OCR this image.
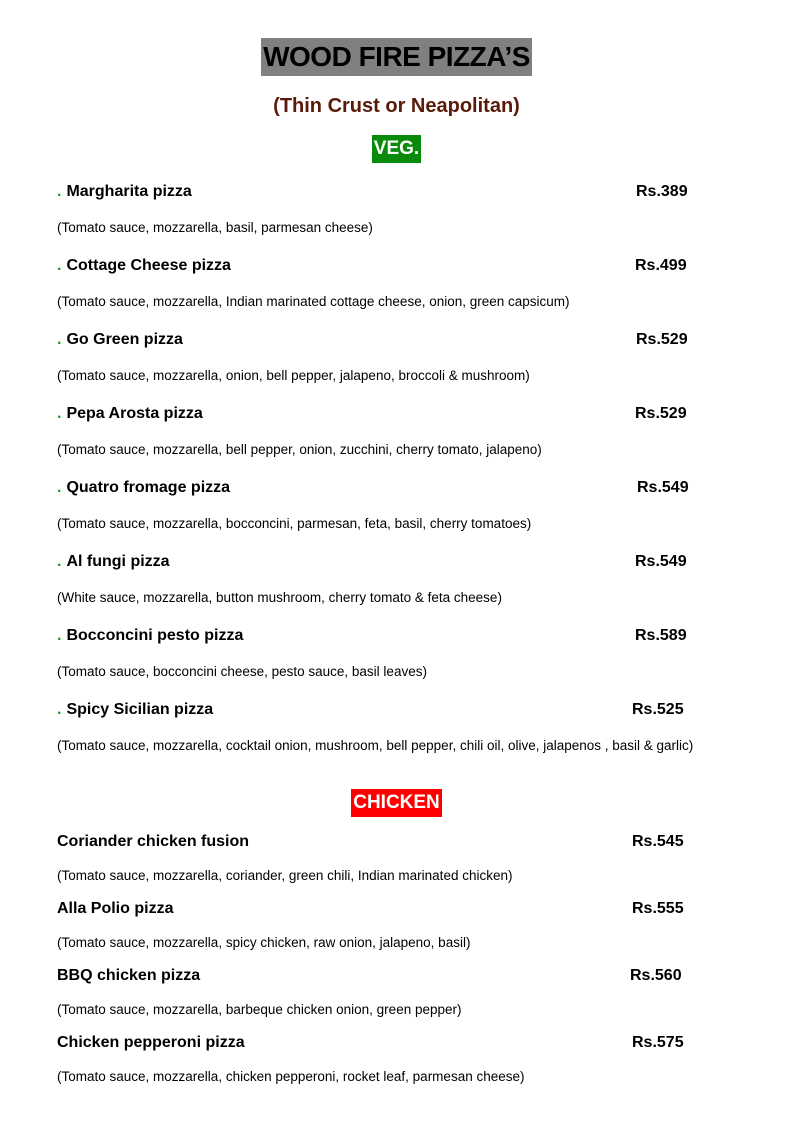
WOOD FIRE PIZZA’S
(Thin Crust or Neapolitan)
VEG.
. Margharita pizza	Rs.389
(Tomato sauce, mozzarella, basil, parmesan cheese)
. Cottage Cheese pizza	Rs.499
(Tomato sauce, mozzarella, Indian marinated cottage cheese, onion, green capsicum)
. Go Green pizza	Rs.529
(Tomato sauce, mozzarella, onion, bell pepper, jalapeno, broccoli & mushroom)
. Pepa Arosta pizza	Rs.529
(Tomato sauce, mozzarella, bell pepper, onion, zucchini, cherry tomato, jalapeno)
. Quatro fromage pizza	Rs.549
(Tomato sauce, mozzarella, bocconcini, parmesan, feta, basil, cherry tomatoes)
. Al fungi pizza	Rs.549
(White sauce, mozzarella, button mushroom, cherry tomato & feta cheese)
. Bocconcini pesto pizza	Rs.589
(Tomato sauce, bocconcini cheese, pesto sauce, basil leaves)
. Spicy Sicilian pizza	Rs.525
(Tomato sauce, mozzarella, cocktail onion, mushroom, bell pepper, chili oil, olive, jalapenos , basil & garlic)
CHICKEN
Coriander chicken fusion	Rs.545
(Tomato sauce, mozzarella, coriander, green chili, Indian marinated chicken)
Alla Polio pizza	Rs.555
(Tomato sauce, mozzarella, spicy chicken, raw onion, jalapeno, basil)
BBQ chicken pizza	Rs.560
(Tomato sauce, mozzarella, barbeque chicken onion, green pepper)
Chicken pepperoni pizza	Rs.575
(Tomato sauce, mozzarella, chicken pepperoni, rocket leaf, parmesan cheese)
